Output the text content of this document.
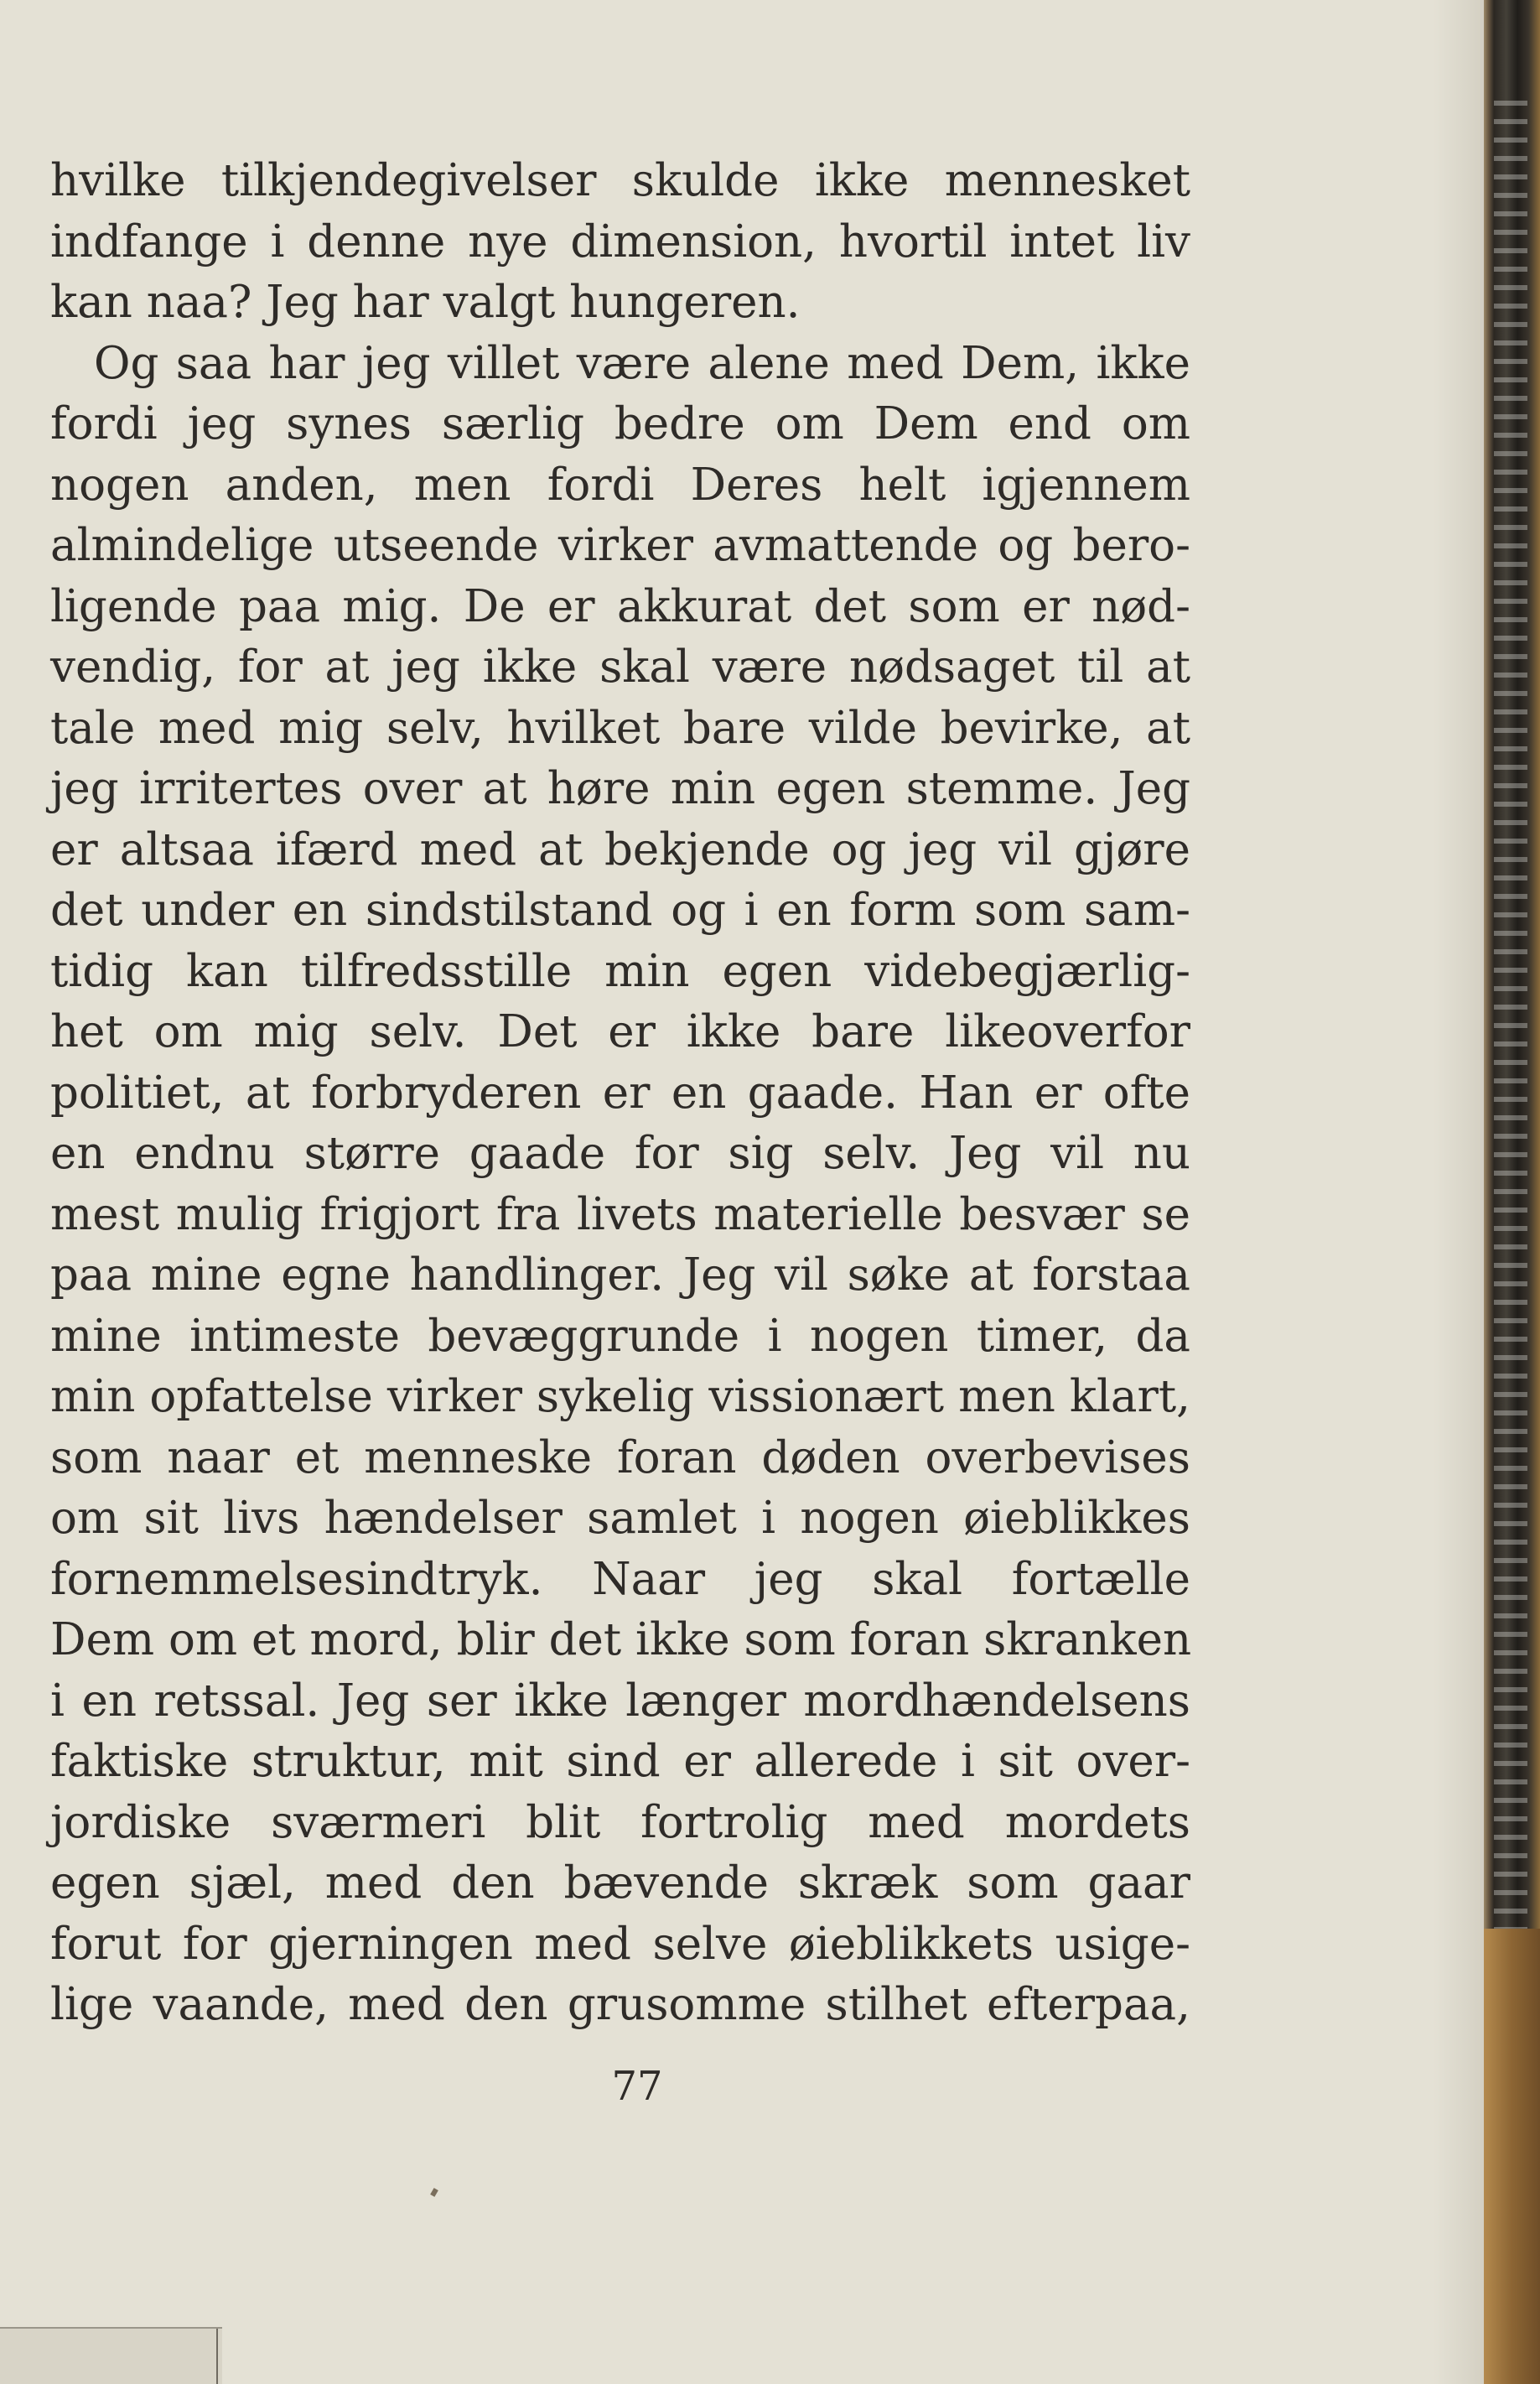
hvilke tilkjendegivelser skulde ikke mennesket
indfange i denne nye dimension, hvortil intet liv
kan naa? Jeg har valgt hungeren.
Og saa har jeg villet være alene med Dem, ikke
fordi jeg synes særlig bedre om Dem end om
nogen anden, men fordi Deres helt igjennem
almindelige utseende virker avmattende og bero-
ligende paa mig. De er akkurat det som er nød-
vendig, for at jeg ikke skal være nødsaget til at
tale med mig selv, hvilket bare vilde bevirke, at
jeg irritertes over at høre min egen stemme. Jeg
er altsaa ifærd med at bekjende og jeg vil gjøre
det under en sindstilstand og i en form som sam-
tidig kan tilfredsstille min egen videbegjærlig-
het om mig selv. Det er ikke bare likeoverfor
politiet, at forbryderen er en gaade. Han er ofte
en endnu større gaade for sig selv. Jeg vil nu
mest mulig frigjort fra livets materielle besvær se
paa mine egne handlinger. Jeg vil søke at forstaa
mine intimeste bevæggrunde i nogen timer, da
min opfattelse virker sykelig vissionært men klart,
som naar et menneske foran døden overbevises
om sit livs hændelser samlet i nogen øieblikkes
fornemmelsesindtryk. Naar jeg skal fortælle
Dem om et mord, blir det ikke som foran skranken
i en retssal. Jeg ser ikke længer mordhændelsens
faktiske struktur, mit sind er allerede i sit over-
jordiske sværmeri blit fortrolig med mordets
egen sjæl, med den bævende skræk som gaar
forut for gjerningen med selve øieblikkets usige-
lige vaande, med den grusomme stilhet efterpaa,
77
